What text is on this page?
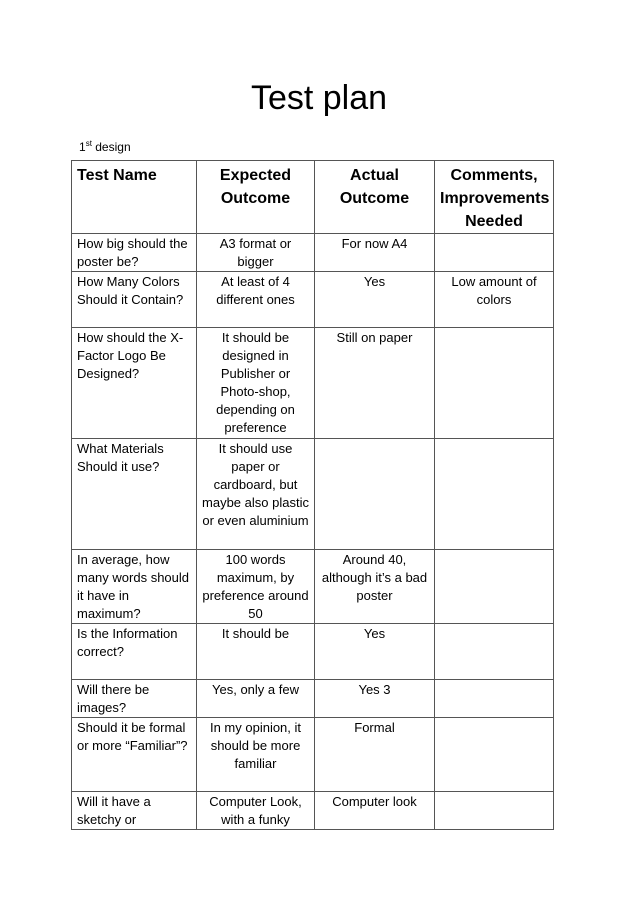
Test plan
1st design
Test Name	Expected Outcome	Actual Outcome	Comments, Improvements Needed
How big should the poster be?	A3 format or bigger	For now A4	
How Many Colors Should it Contain?	At least of 4 different ones	Yes	Low amount of colors
How should the X-Factor Logo Be Designed?	It should be designed in Publisher or Photo-shop, depending on preference	Still on paper	
What Materials Should it use?	It should use paper or cardboard, but maybe also plastic or even aluminium		
In average, how many words should it have in maximum?	100 words maximum, by preference around 50	Around 40, although it’s a bad poster	
Is the Information correct?	It should be	Yes	
Will there be images?	Yes, only a few	Yes 3	
Should it be formal or more “Familiar”?	In my opinion, it should be more familiar	Formal	
Will it have a sketchy or	Computer Look, with a funky	Computer look	
